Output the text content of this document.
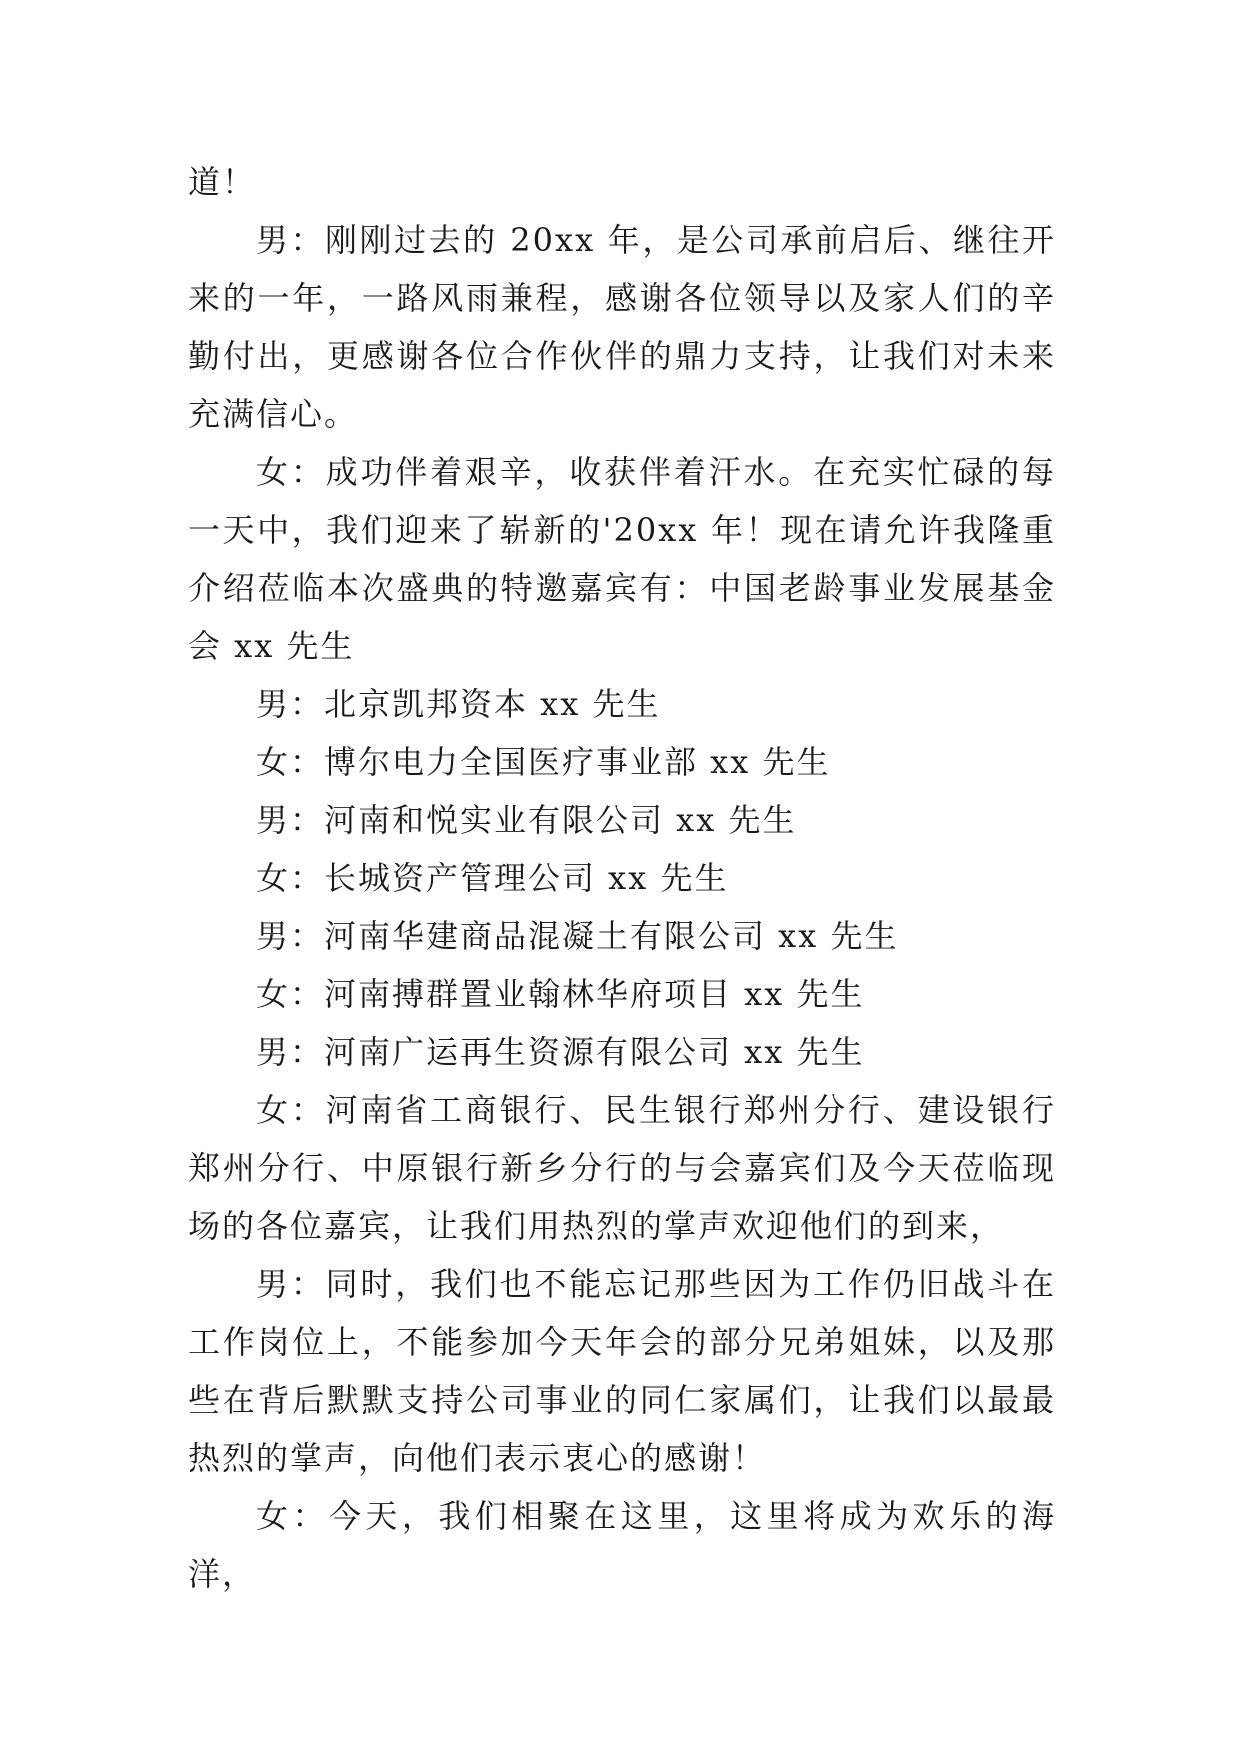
道！

男：刚刚过去的 20xx 年，是公司承前启后、继往开来的一年，一路风雨兼程，感谢各位领导以及家人们的辛勤付出，更感谢各位合作伙伴的鼎力支持，让我们对未来充满信心。

女：成功伴着艰辛，收获伴着汗水。在充实忙碌的每一天中，我们迎来了崭新的'20xx 年！现在请允许我隆重介绍莅临本次盛典的特邀嘉宾有：中国老龄事业发展基金会 xx 先生

男：北京凯邦资本 xx 先生

女：博尔电力全国医疗事业部 xx 先生

男：河南和悦实业有限公司 xx 先生

女：长城资产管理公司 xx 先生

男：河南华建商品混凝土有限公司 xx 先生

女：河南搏群置业翰林华府项目 xx 先生

男：河南广运再生资源有限公司 xx 先生

女：河南省工商银行、民生银行郑州分行、建设银行郑州分行、中原银行新乡分行的与会嘉宾们及今天莅临现场的各位嘉宾，让我们用热烈的掌声欢迎他们的到来，

男：同时，我们也不能忘记那些因为工作仍旧战斗在工作岗位上，不能参加今天年会的部分兄弟姐妹，以及那些在背后默默支持公司事业的同仁家属们，让我们以最最热烈的掌声，向他们表示衷心的感谢！

女：今天，我们相聚在这里，这里将成为欢乐的海洋，
